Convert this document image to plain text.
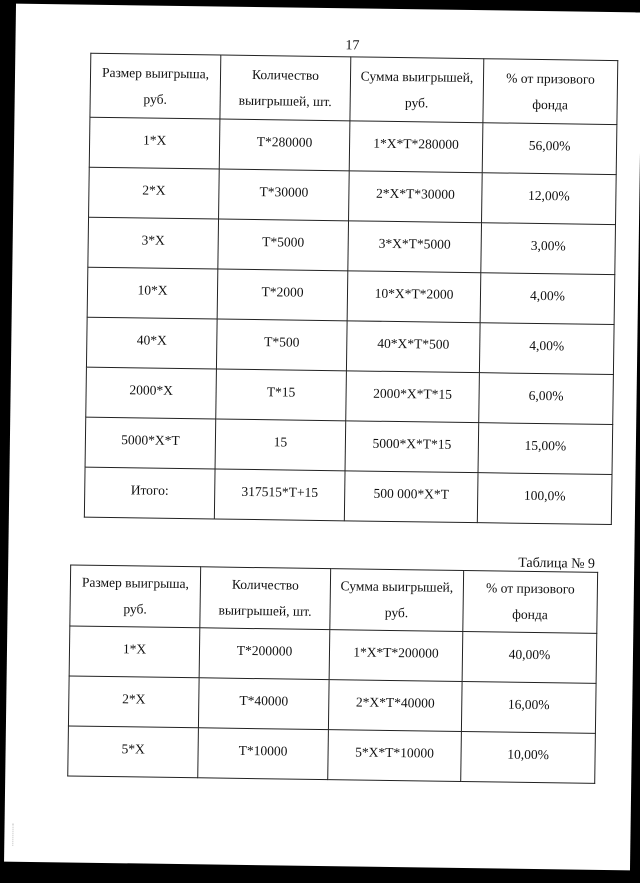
17
Размер выигрыша, руб.	Количество выигрышей, шт.	Сумма выигрышей, руб.	% от призового фонда
1*X	T*280000	1*X*T*280000	56,00%
2*X	T*30000	2*X*T*30000	12,00%
3*X	T*5000	3*X*T*5000	3,00%
10*X	T*2000	10*X*T*2000	4,00%
40*X	T*500	40*X*T*500	4,00%
2000*X	T*15	2000*X*T*15	6,00%
5000*X*T	15	5000*X*T*15	15,00%
Итого:	317515*T+15	500 000*X*T	100,0%
Таблица № 9
Размер выигрыша, руб.	Количество выигрышей, шт.	Сумма выигрышей, руб.	% от призового фонда
1*X	T*200000	1*X*T*200000	40,00%
2*X	T*40000	2*X*T*40000	16,00%
5*X	T*10000	5*X*T*10000	10,00%
